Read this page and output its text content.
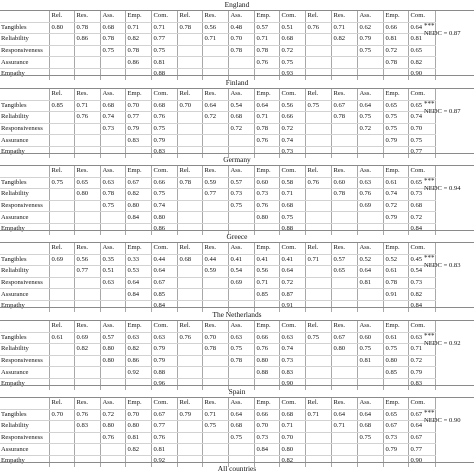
England
	Rel.	Res.	Ass.	Emp.	Com.	Rel.	Res.	Ass.	Emp.	Com.	Rel.	Res.	Ass.	Emp.	Com.
Tangibles	0.80	0.78	0.68	0.71	0.71	0.78	0.56	0.48	0.57	0.51	0.76	0.71	0.62	0.66	0.64
Reliability		0.86	0.78	0.82	0.77		0.71	0.70	0.71	0.68		0.82	0.79	0.81	0.81
Responsiveness			0.75	0.78	0.75			0.78	0.78	0.72			0.75	0.72	0.65
Assurance				0.86	0.81				0.76	0.75				0.78	0.82
Empathy					0.88					0.93					0.90
***
NEDC = 0.87
Finland
	Rel.	Res.	Ass.	Emp.	Com.	Rel.	Res.	Ass.	Emp.	Com.	Rel.	Res.	Ass.	Emp.	Com.
Tangibles	0.85	0.71	0.68	0.70	0.68	0.70	0.64	0.54	0.64	0.56	0.75	0.67	0.64	0.65	0.65
Reliability		0.76	0.74	0.77	0.76		0.72	0.68	0.71	0.66		0.78	0.75	0.75	0.74
Responsiveness			0.73	0.79	0.75			0.72	0.78	0.72			0.72	0.75	0.70
Assurance				0.83	0.79				0.76	0.74				0.79	0.75
Empathy					0.83					0.73					0.77
***
NEDC = 0.87
Germany
	Rel.	Res.	Ass.	Emp.	Com.	Rel.	Res.	Ass.	Emp.	Com.	Rel.	Res.	Ass.	Emp.	Com.
Tangibles	0.75	0.65	0.63	0.67	0.66	0.78	0.59	0.57	0.60	0.58	0.76	0.60	0.63	0.61	0.65
Reliability		0.80	0.78	0.82	0.75		0.77	0.73	0.73	0.71		0.78	0.76	0.74	0.73
Responsiveness			0.75	0.80	0.74			0.75	0.76	0.68			0.69	0.72	0.68
Assurance				0.84	0.80				0.80	0.75				0.79	0.72
Empathy					0.86					0.88					0.84
***
NEDC = 0.94
Greece
	Rel.	Res.	Ass.	Emp.	Com.	Rel.	Res.	Ass.	Emp.	Com.	Rel.	Res.	Ass.	Emp.	Com.
Tangibles	0.69	0.56	0.35	0.33	0.44	0.68	0.44	0.41	0.41	0.41	0.71	0.57	0.52	0.52	0.45
Reliability		0.77	0.51	0.53	0.64		0.59	0.54	0.56	0.64		0.65	0.64	0.61	0.54
Responsiveness			0.63	0.64	0.67			0.69	0.71	0.72			0.81	0.78	0.73
Assurance				0.84	0.85				0.85	0.87				0.91	0.82
Empathy					0.84					0.91					0.84
***
NEDC = 0.83
The Netherlands
	Rel.	Res.	Ass.	Emp.	Com.	Rel.	Res.	Ass.	Emp.	Com.	Rel.	Res.	Ass.	Emp.	Com.
Tangibles	0.61	0.69	0.57	0.63	0.63	0.76	0.70	0.63	0.66	0.63	0.75	0.67	0.60	0.61	0.63
Reliability		0.82	0.80	0.82	0.79		0.78	0.75	0.76	0.74		0.80	0.75	0.75	0.71
Responsiveness			0.80	0.86	0.79			0.78	0.80	0.73			0.81	0.80	0.72
Assurance				0.92	0.88				0.88	0.83				0.85	0.79
Empathy					0.96					0.90					0.83
***
NEDC = 0.92
Spain
	Rel.	Res.	Ass.	Emp.	Com.	Rel.	Res.	Ass.	Emp.	Com.	Rel.	Res.	Ass.	Emp.	Com.
Tangibles	0.70	0.76	0.72	0.70	0.67	0.79	0.71	0.64	0.66	0.68	0.71	0.64	0.64	0.65	0.67
Reliability		0.83	0.80	0.80	0.77		0.75	0.68	0.70	0.71		0.71	0.68	0.67	0.64
Responsiveness			0.76	0.81	0.76			0.75	0.73	0.70			0.75	0.73	0.67
Assurance				0.82	0.81				0.84	0.80				0.79	0.77
Empathy					0.92					0.82					0.90
***
NEDC = 0.90
All countries
